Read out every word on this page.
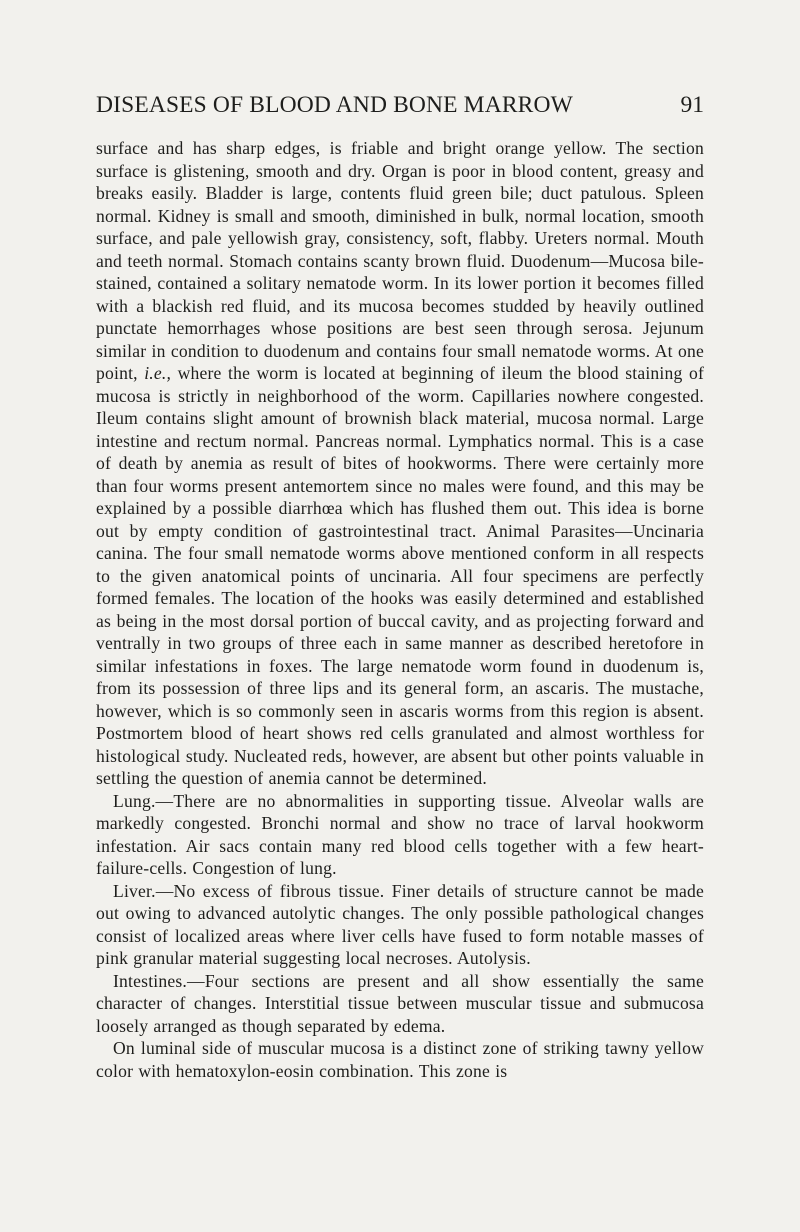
DISEASES OF BLOOD AND BONE MARROW	91

surface and has sharp edges, is friable and bright orange yellow. The section surface is glistening, smooth and dry. Organ is poor in blood content, greasy and breaks easily. Bladder is large, contents fluid green bile; duct patulous. Spleen normal. Kidney is small and smooth, diminished in bulk, normal location, smooth surface, and pale yellowish gray, consistency, soft, flabby. Ureters normal. Mouth and teeth normal. Stomach contains scanty brown fluid. Duodenum—Mucosa bile-stained, contained a solitary nematode worm. In its lower portion it becomes filled with a blackish red fluid, and its mucosa becomes studded by heavily outlined punctate hemorrhages whose positions are best seen through serosa. Jejunum similar in condition to duodenum and contains four small nematode worms. At one point, i.e., where the worm is located at beginning of ileum the blood staining of mucosa is strictly in neighborhood of the worm. Capillaries nowhere congested. Ileum contains slight amount of brownish black material, mucosa normal. Large intestine and rectum normal. Pancreas normal. Lymphatics normal. This is a case of death by anemia as result of bites of hookworms. There were certainly more than four worms present antemortem since no males were found, and this may be explained by a possible diarrhœa which has flushed them out. This idea is borne out by empty condition of gastrointestinal tract. Animal Parasites—Uncinaria canina. The four small nematode worms above mentioned conform in all respects to the given anatomical points of uncinaria. All four specimens are perfectly formed females. The location of the hooks was easily determined and established as being in the most dorsal portion of buccal cavity, and as projecting forward and ventrally in two groups of three each in same manner as described heretofore in similar infestations in foxes. The large nematode worm found in duodenum is, from its possession of three lips and its general form, an ascaris. The mustache, however, which is so commonly seen in ascaris worms from this region is absent. Postmortem blood of heart shows red cells granulated and almost worthless for histological study. Nucleated reds, however, are absent but other points valuable in settling the question of anemia cannot be determined.

Lung.—There are no abnormalities in supporting tissue. Alveolar walls are markedly congested. Bronchi normal and show no trace of larval hookworm infestation. Air sacs contain many red blood cells together with a few heart-failure-cells. Congestion of lung.

Liver.—No excess of fibrous tissue. Finer details of structure cannot be made out owing to advanced autolytic changes. The only possible pathological changes consist of localized areas where liver cells have fused to form notable masses of pink granular material suggesting local necroses. Autolysis.

Intestines.—Four sections are present and all show essentially the same character of changes. Interstitial tissue between muscular tissue and submucosa loosely arranged as though separated by edema.

On luminal side of muscular mucosa is a distinct zone of striking tawny yellow color with hematoxylon-eosin combination. This zone is
